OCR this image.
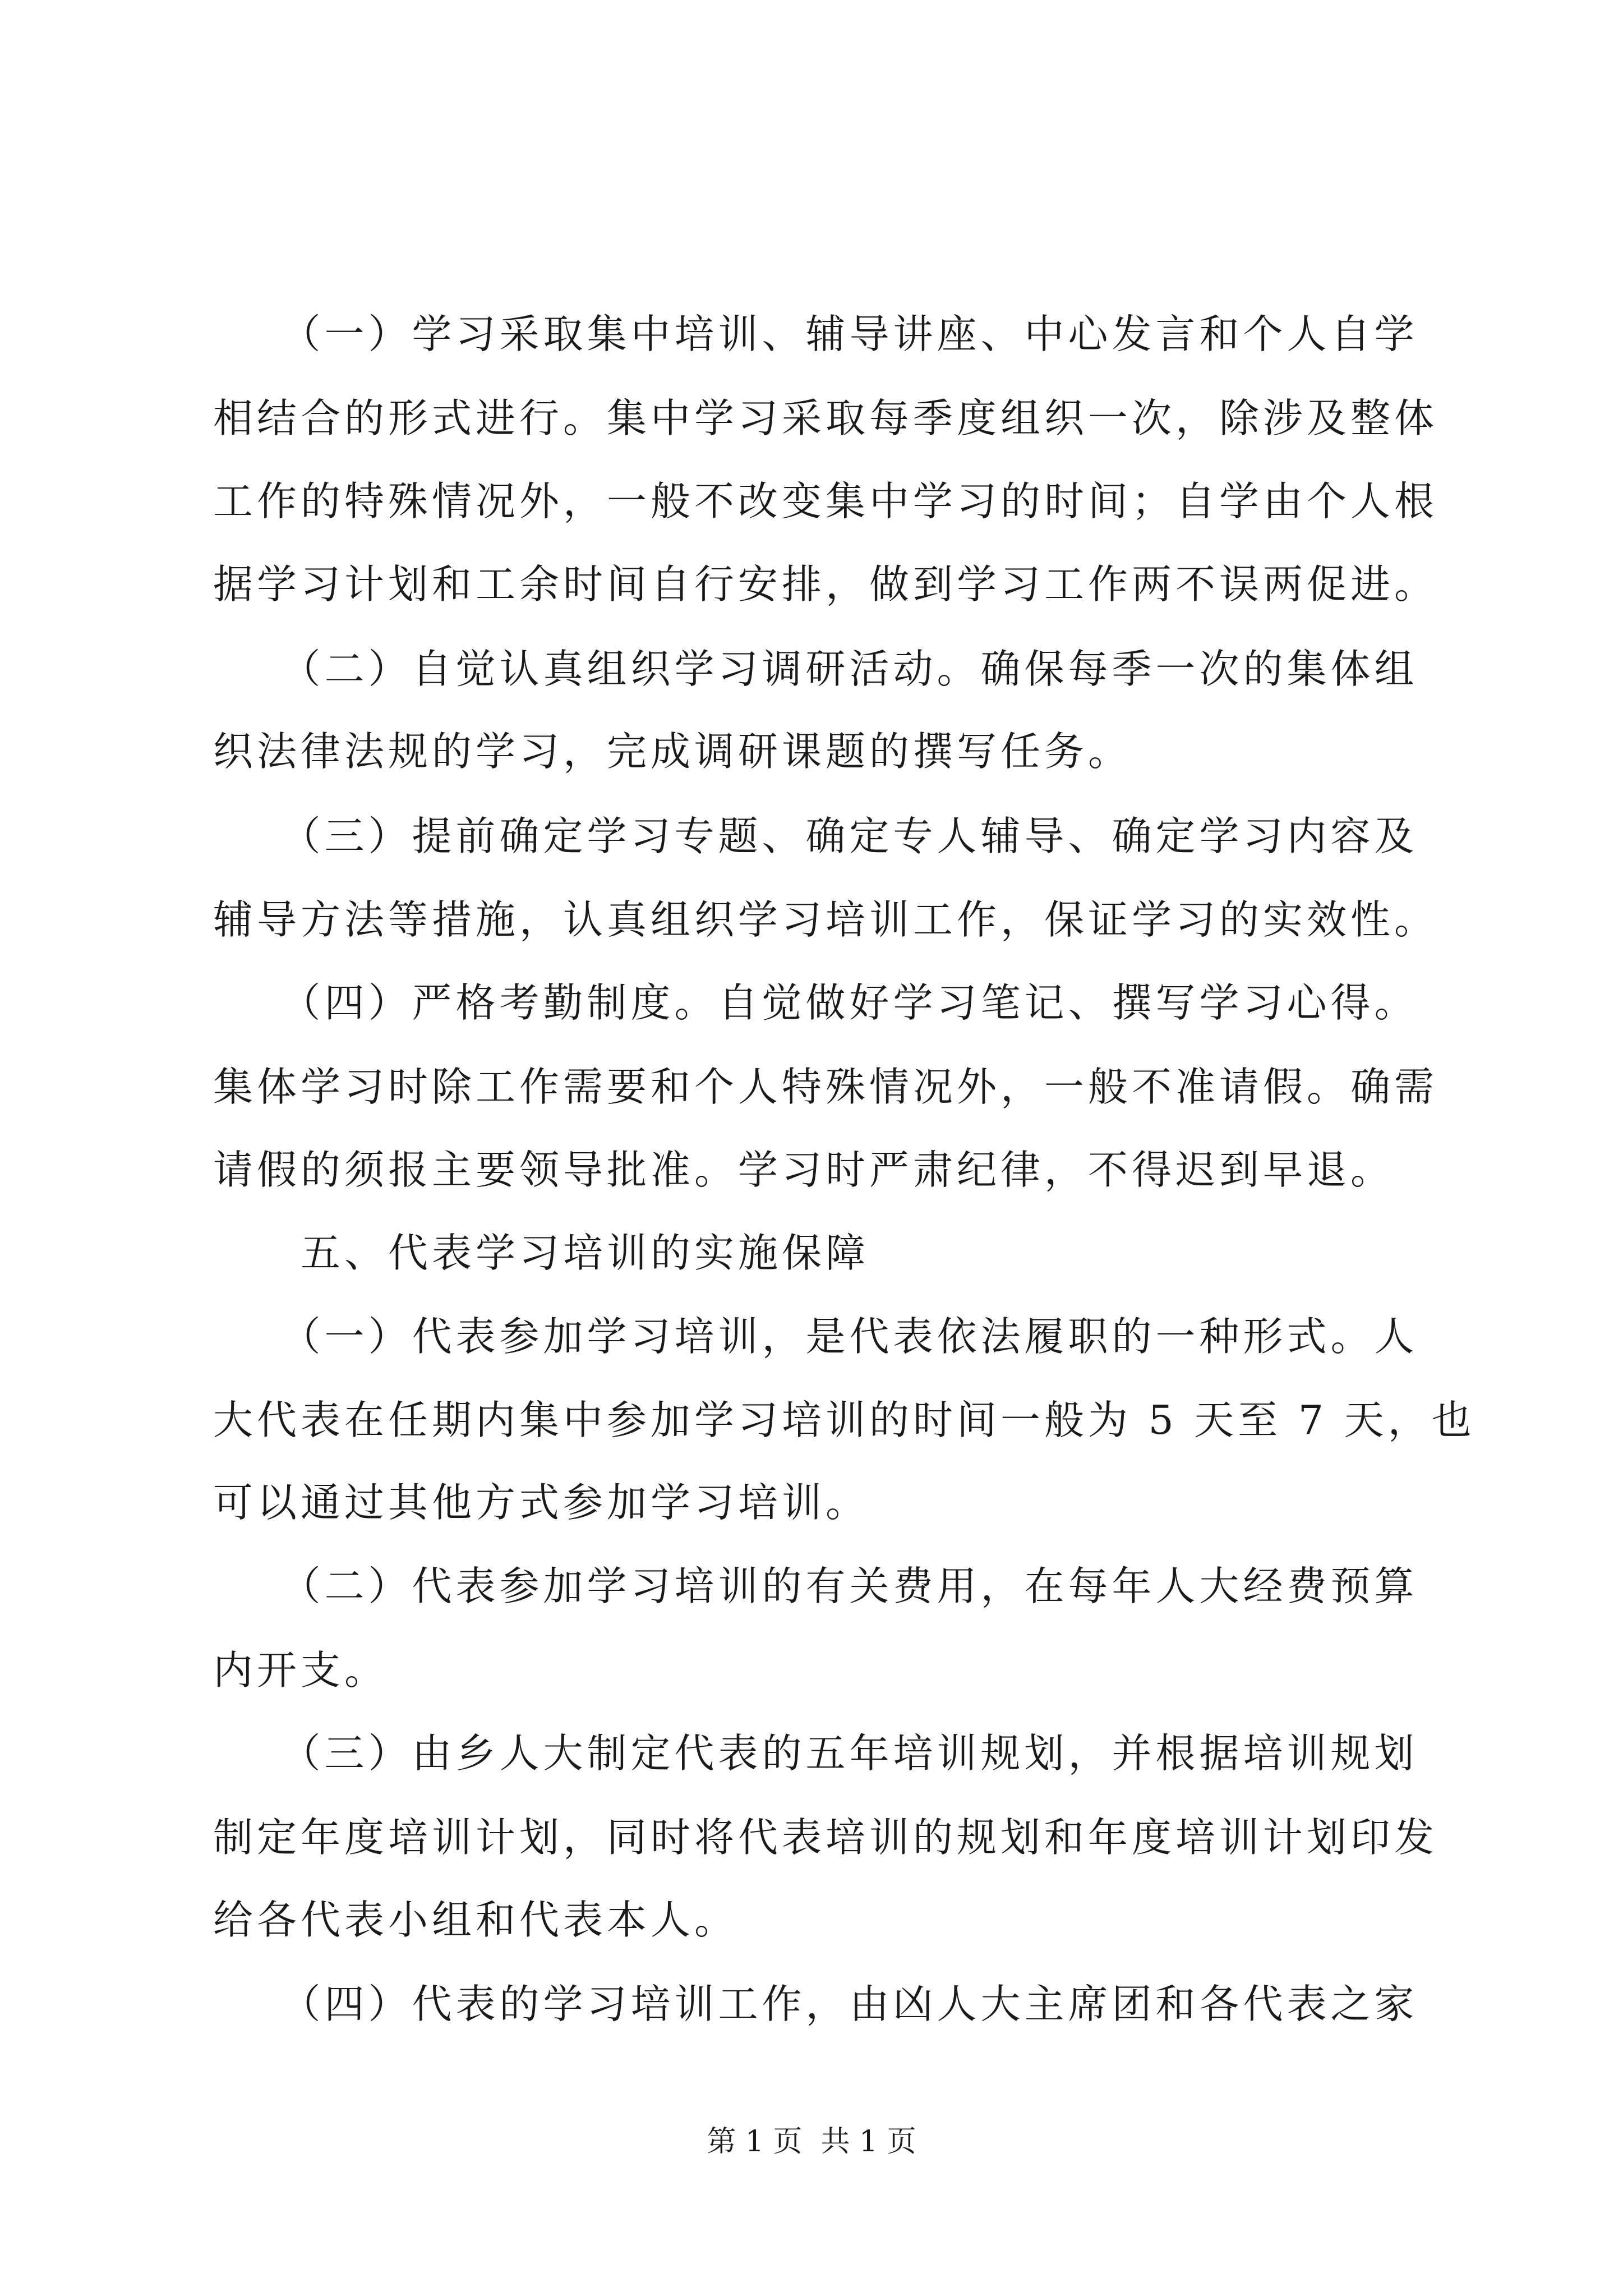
　　（一）学习采取集中培训、辅导讲座、中心发言和个人自学
相结合的形式进行。集中学习采取每季度组织一次，除涉及整体
工作的特殊情况外，一般不改变集中学习的时间；自学由个人根
据学习计划和工余时间自行安排，做到学习工作两不误两促进。
　　（二）自觉认真组织学习调研活动。确保每季一次的集体组
织法律法规的学习，完成调研课题的撰写任务。
　　（三）提前确定学习专题、确定专人辅导、确定学习内容及
辅导方法等措施，认真组织学习培训工作，保证学习的实效性。
　　（四）严格考勤制度。自觉做好学习笔记、撰写学习心得。
集体学习时除工作需要和个人特殊情况外，一般不准请假。确需
请假的须报主要领导批准。学习时严肃纪律，不得迟到早退。
　　五、代表学习培训的实施保障
　　（一）代表参加学习培训，是代表依法履职的一种形式。人
大代表在任期内集中参加学习培训的时间一般为 5 天至 7 天，也
可以通过其他方式参加学习培训。
　　（二）代表参加学习培训的有关费用，在每年人大经费预算
内开支。
　　（三）由乡人大制定代表的五年培训规划，并根据培训规划
制定年度培训计划，同时将代表培训的规划和年度培训计划印发
给各代表小组和代表本人。
　　（四）代表的学习培训工作，由凶人大主席团和各代表之家
第 1 页  共 1 页
